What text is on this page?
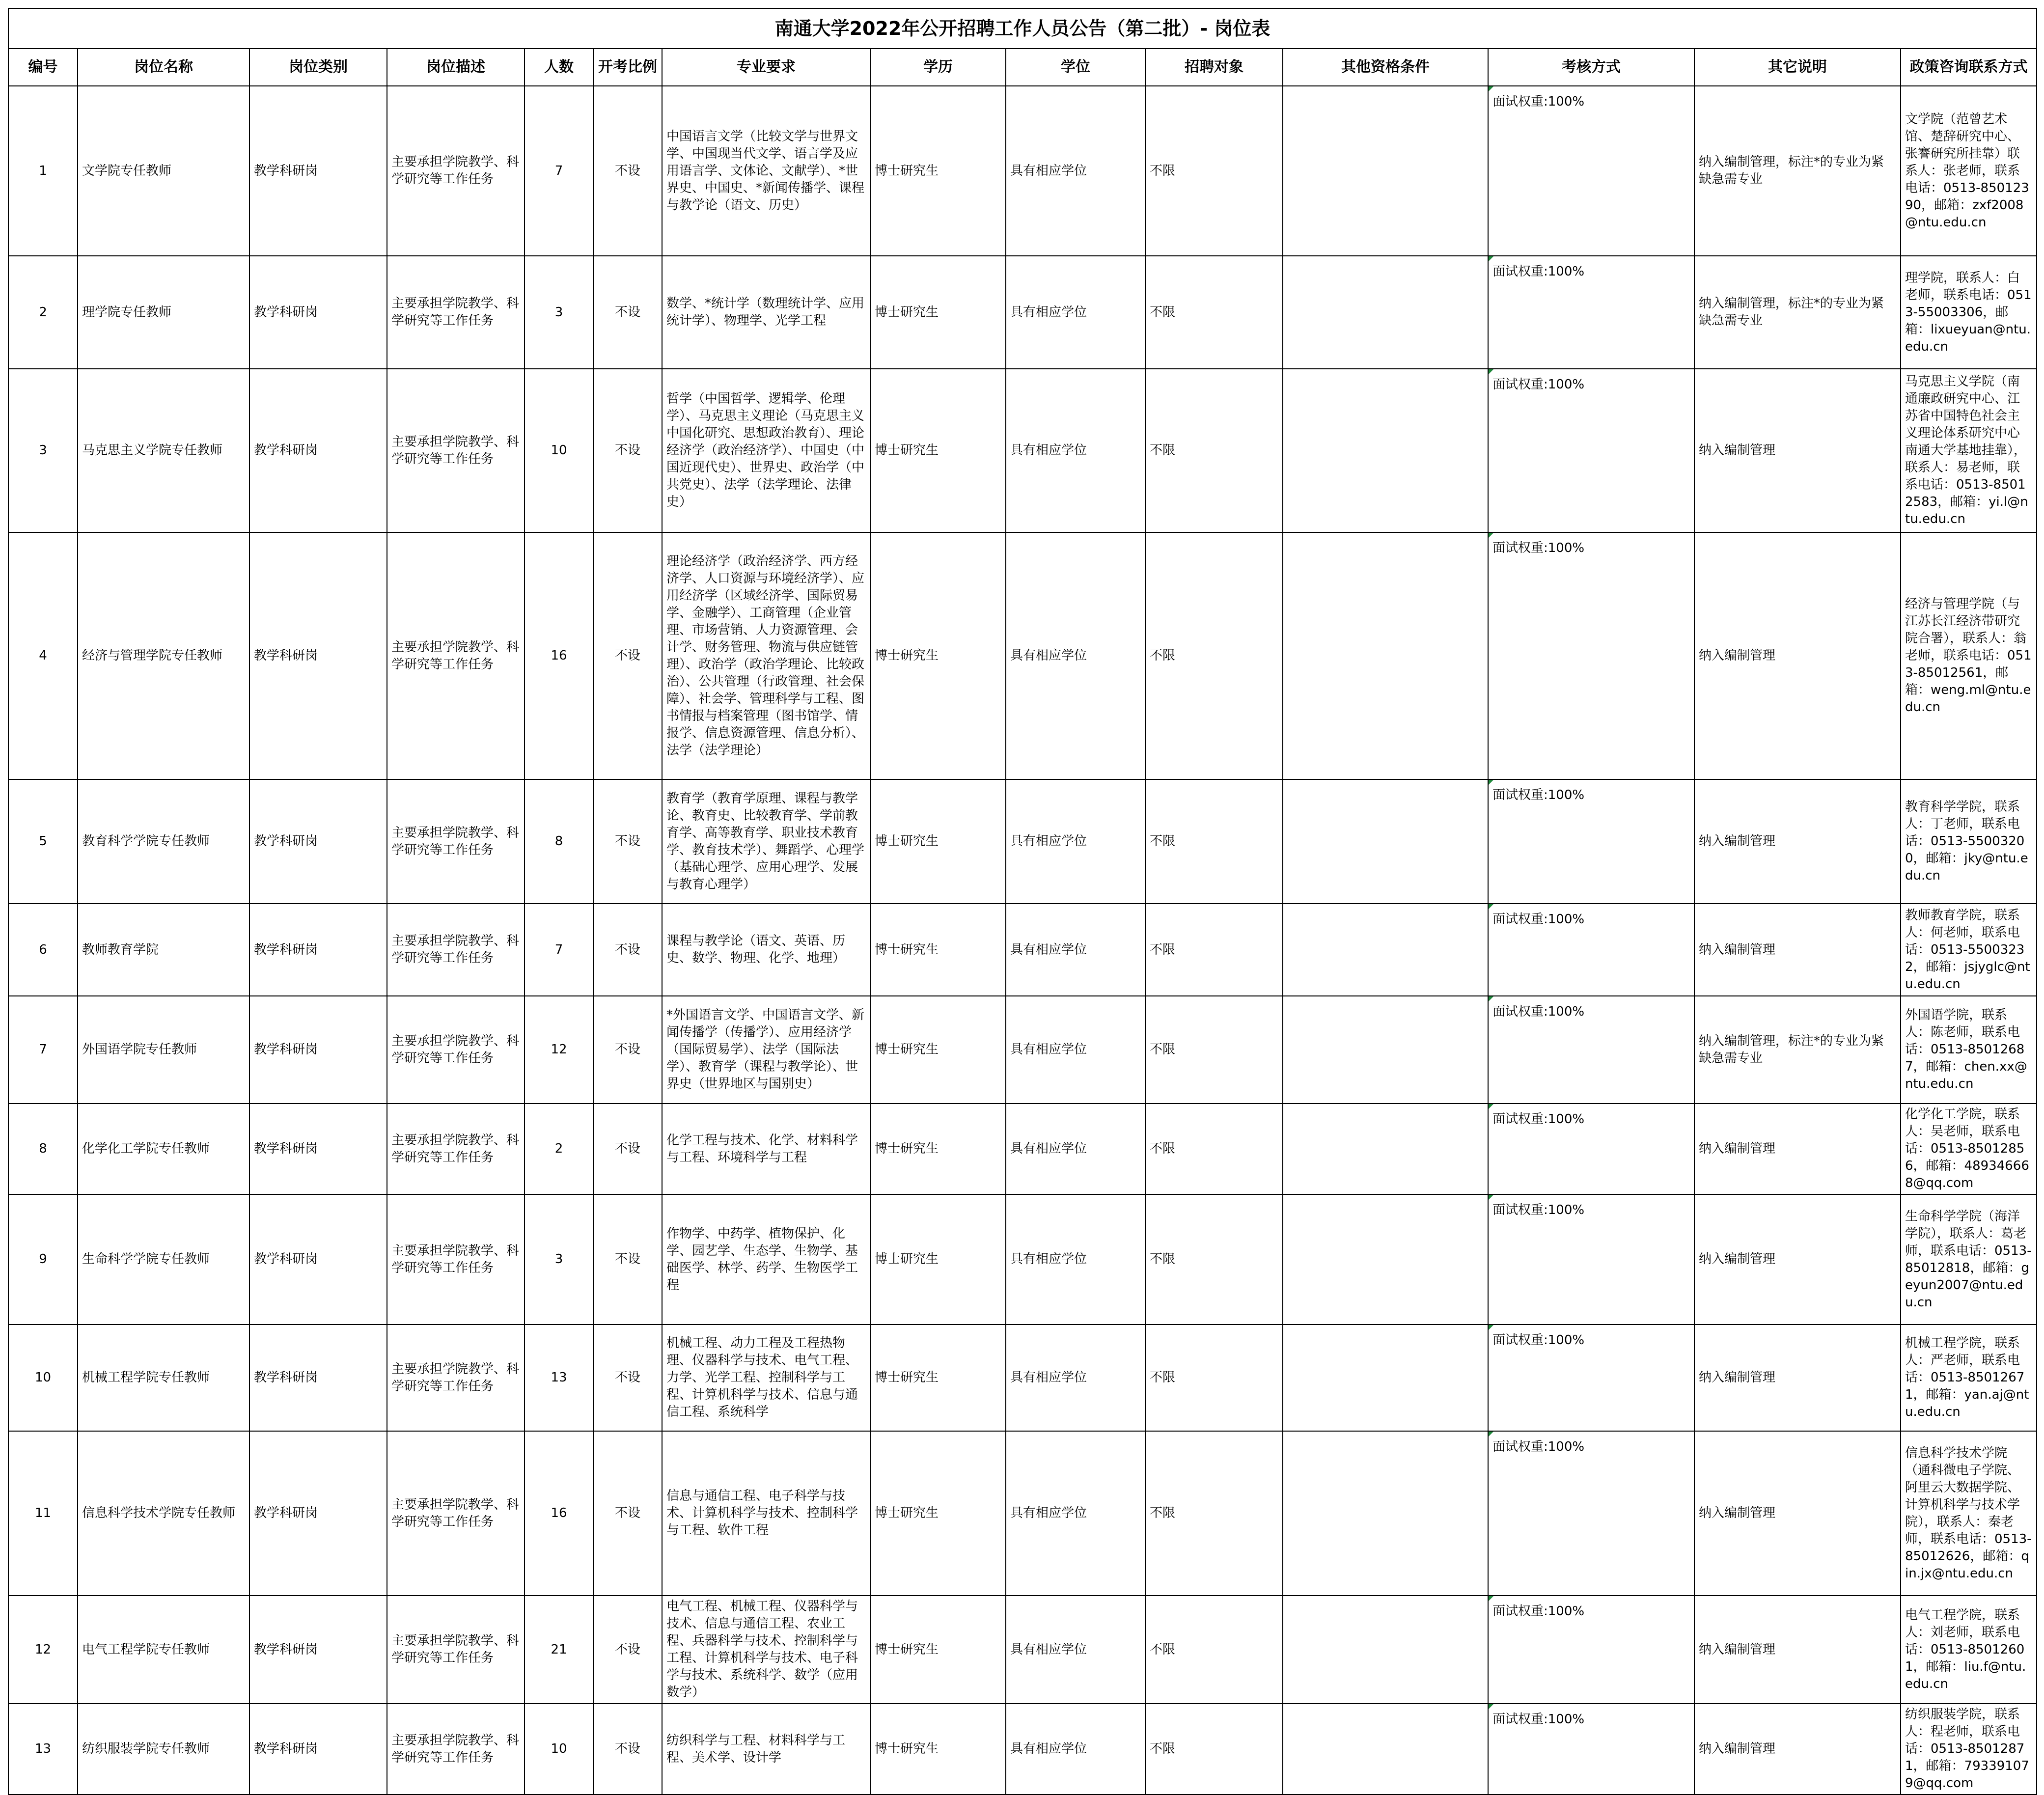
南通大学2022年公开招聘工作人员公告（第二批）- 岗位表													
编号	岗位名称	岗位类别	岗位描述	人数	开考比例	专业要求	学历	学位	招聘对象	其他资格条件	考核方式	其它说明	政策咨询联系方式
1	文学院专任教师	教学科研岗	主要承担学院教学、科学研究等工作任务	7	不设	中国语言文学（比较文学与世界文学、中国现当代文学、语言学及应用语言学、文体论、文献学）、*世界史、中国史、*新闻传播学、课程与教学论（语文、历史）	博士研究生	具有相应学位	不限		面试权重:100%	纳入编制管理，标注*的专业为紧缺急需专业	文学院（范曾艺术馆、楚辞研究中心、张謇研究所挂靠）联系人：张老师，联系电话：0513-85012390，邮箱：zxf2008@ntu.edu.cn
2	理学院专任教师	教学科研岗	主要承担学院教学、科学研究等工作任务	3	不设	数学、*统计学（数理统计学、应用统计学）、物理学、光学工程	博士研究生	具有相应学位	不限		面试权重:100%	纳入编制管理，标注*的专业为紧缺急需专业	理学院，联系人：白老师，联系电话：0513-55003306，邮箱：lixueyuan@ntu.edu.cn
3	马克思主义学院专任教师	教学科研岗	主要承担学院教学、科学研究等工作任务	10	不设	哲学（中国哲学、逻辑学、伦理学）、马克思主义理论（马克思主义中国化研究、思想政治教育）、理论经济学（政治经济学）、中国史（中国近现代史）、世界史、政治学（中共党史）、法学（法学理论、法律史）	博士研究生	具有相应学位	不限		面试权重:100%	纳入编制管理	马克思主义学院（南通廉政研究中心、江苏省中国特色社会主义理论体系研究中心南通大学基地挂靠），联系人：易老师，联系电话：0513-85012583，邮箱：yi.l@ntu.edu.cn
4	经济与管理学院专任教师	教学科研岗	主要承担学院教学、科学研究等工作任务	16	不设	理论经济学（政治经济学、西方经济学、人口资源与环境经济学）、应用经济学（区域经济学、国际贸易学、金融学）、工商管理（企业管理、市场营销、人力资源管理、会计学、财务管理、物流与供应链管理）、政治学（政治学理论、比较政治）、公共管理（行政管理、社会保障）、社会学、管理科学与工程、图书情报与档案管理（图书馆学、情报学、信息资源管理、信息分析）、法学（法学理论）	博士研究生	具有相应学位	不限		面试权重:100%	纳入编制管理	经济与管理学院（与江苏长江经济带研究院合署），联系人：翁老师，联系电话：0513-85012561，邮箱：weng.ml@ntu.edu.cn
5	教育科学学院专任教师	教学科研岗	主要承担学院教学、科学研究等工作任务	8	不设	教育学（教育学原理、课程与教学论、教育史、比较教育学、学前教育学、高等教育学、职业技术教育学、教育技术学）、舞蹈学、心理学（基础心理学、应用心理学、发展与教育心理学）	博士研究生	具有相应学位	不限		面试权重:100%	纳入编制管理	教育科学学院，联系人：丁老师，联系电话：0513-55003200，邮箱：jky@ntu.edu.cn
6	教师教育学院	教学科研岗	主要承担学院教学、科学研究等工作任务	7	不设	课程与教学论（语文、英语、历史、数学、物理、化学、地理）	博士研究生	具有相应学位	不限		面试权重:100%	纳入编制管理	教师教育学院，联系人：何老师，联系电话：0513-55003232，邮箱：jsjyglc@ntu.edu.cn
7	外国语学院专任教师	教学科研岗	主要承担学院教学、科学研究等工作任务	12	不设	*外国语言文学、中国语言文学、新闻传播学（传播学）、应用经济学（国际贸易学）、法学（国际法学）、教育学（课程与教学论）、世界史（世界地区与国别史）	博士研究生	具有相应学位	不限		面试权重:100%	纳入编制管理，标注*的专业为紧缺急需专业	外国语学院，联系人：陈老师，联系电话：0513-85012687，邮箱：chen.xx@ntu.edu.cn
8	化学化工学院专任教师	教学科研岗	主要承担学院教学、科学研究等工作任务	2	不设	化学工程与技术、化学、材料科学与工程、环境科学与工程	博士研究生	具有相应学位	不限		面试权重:100%	纳入编制管理	化学化工学院，联系人：吴老师，联系电话：0513-85012856，邮箱：489346668@qq.com
9	生命科学学院专任教师	教学科研岗	主要承担学院教学、科学研究等工作任务	3	不设	作物学、中药学、植物保护、化学、园艺学、生态学、生物学、基础医学、林学、药学、生物医学工程	博士研究生	具有相应学位	不限		面试权重:100%	纳入编制管理	生命科学学院（海洋学院），联系人：葛老师，联系电话：0513-85012818，邮箱：geyun2007@ntu.edu.cn
10	机械工程学院专任教师	教学科研岗	主要承担学院教学、科学研究等工作任务	13	不设	机械工程、动力工程及工程热物理、仪器科学与技术、电气工程、力学、光学工程、控制科学与工程、计算机科学与技术、信息与通信工程、系统科学	博士研究生	具有相应学位	不限		面试权重:100%	纳入编制管理	机械工程学院，联系人：严老师，联系电话：0513-85012671，邮箱：yan.aj@ntu.edu.cn
11	信息科学技术学院专任教师	教学科研岗	主要承担学院教学、科学研究等工作任务	16	不设	信息与通信工程、电子科学与技术、计算机科学与技术、控制科学与工程、软件工程	博士研究生	具有相应学位	不限		面试权重:100%	纳入编制管理	信息科学技术学院（通科微电子学院、阿里云大数据学院、计算机科学与技术学院），联系人：秦老师，联系电话：0513-85012626，邮箱：qin.jx@ntu.edu.cn
12	电气工程学院专任教师	教学科研岗	主要承担学院教学、科学研究等工作任务	21	不设	电气工程、机械工程、仪器科学与技术、信息与通信工程、农业工程、兵器科学与技术、控制科学与工程、计算机科学与技术、电子科学与技术、系统科学、数学（应用数学）	博士研究生	具有相应学位	不限		面试权重:100%	纳入编制管理	电气工程学院，联系人：刘老师，联系电话：0513-85012601，邮箱：liu.f@ntu.edu.cn
13	纺织服装学院专任教师	教学科研岗	主要承担学院教学、科学研究等工作任务	10	不设	纺织科学与工程、材料科学与工程、美术学、设计学	博士研究生	具有相应学位	不限		面试权重:100%	纳入编制管理	纺织服装学院，联系人：程老师，联系电话：0513-85012871，邮箱：793391079@qq.com
